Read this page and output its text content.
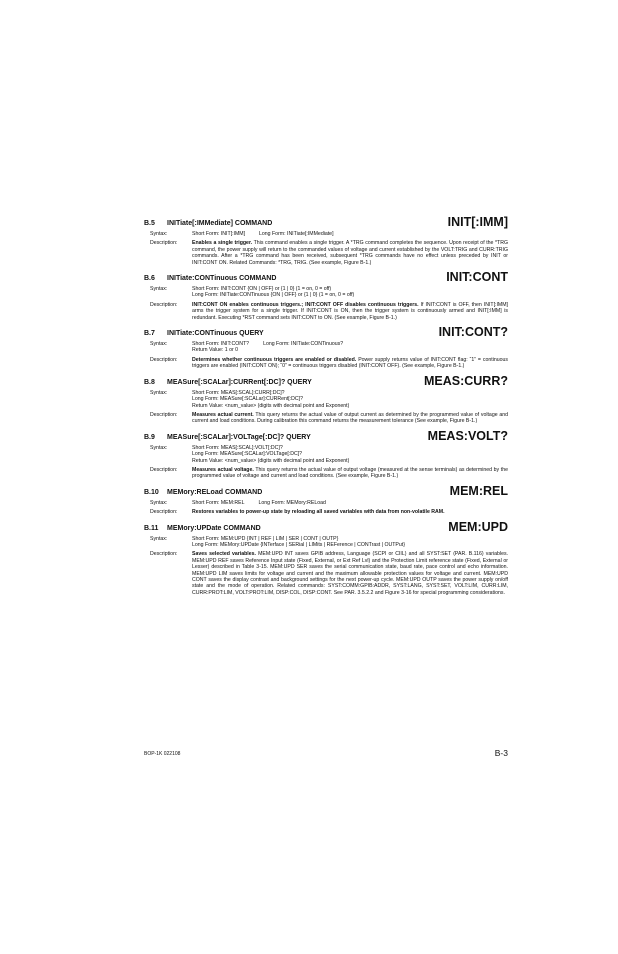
B.5 INITiate[:IMMediate] COMMAND	INIT[:IMM]
Syntax:	Short Form: INIT[:IMM]	Long Form: INITiate[:IMMediate]
Description:	Enables a single trigger. This command enables a single trigger. A *TRG command completes the sequence. Upon receipt of the *TRG command, the power supply will return to the commanded values of voltage and current established by the VOLT:TRIG and CURR:TRIG commands. After a *TRG command has been received, subsequent *TRG commands have no effect unless preceded by INIT or INIT:CONT ON. Related Commands: *TRG, TRIG. (See example, Figure B-1.)
B.6 INITiate:CONTinuous COMMAND	INIT:CONT
Syntax:	Short Form: INIT:CONT {ON | OFF} or {1 | 0} (1 = on, 0 = off)
Long Form: INITiate:CONTinuous {ON | OFF} or {1 | 0} (1 = on, 0 = off)
Description:	INIT:CONT ON enables continuous triggers.; INIT:CONT OFF disables continuous triggers. If INIT:CONT is OFF, then INIT[:IMM] arms the trigger system for a single trigger. If INIT:CONT is ON, then the trigger system is continuously armed and INIT[:IMM] is redundant. Executing *RST command sets INIT:CONT to ON. (See example, Figure B-1.)
B.7 INITiate:CONTinuous QUERY	INIT:CONT?
Syntax:	Short Form: INIT:CONT?	Long Form: INITiate:CONTinuous?
Return Value: 1 or 0
Description:	Determines whether continuous triggers are enabled or disabled. Power supply returns value of INIT:CONT flag: “1” = continuous triggers are enabled (INIT:CONT ON); “0” = continuous triggers disabled (INIT:CONT OFF). (See example, Figure B-1.)
B.8 MEASure[:SCALar]:CURRent[:DC]? QUERY	MEAS:CURR?
Syntax:	Short Form: MEAS[:SCAL]:CURR[:DC]?
Long Form: MEASure[:SCALar]:CURRent[:DC]?
Return Value: <num_value> (digits with decimal point and Exponent)
Description:	Measures actual current. This query returns the actual value of output current as determined by the programmed value of voltage and current and load conditions. During calibration this command returns the measurement tolerance (See example, Figure B-1.)
B.9 MEASure[:SCALar]:VOLTage[:DC]? QUERY	MEAS:VOLT?
Syntax:	Short Form: MEAS[:SCAL]:VOLT[:DC]?
Long Form: MEASure[:SCALar]:VOLTage[:DC]?
Return Value: <num_value> (digits with decimal point and Exponent)
Description:	Measures actual voltage. This query returns the actual value of output voltage (measured at the sense terminals) as determined by the programmed value of voltage and current and load conditions. (See example, Figure B-1.)
B.10 MEMory:RELoad COMMAND	MEM:REL
Syntax:	Short Form: MEM:REL	Long Form: MEMory:RELoad
Description:	Restores variables to power-up state by reloading all saved variables with data from non-volatile RAM.
B.11 MEMory:UPDate COMMAND	MEM:UPD
Syntax:	Short Form: MEM:UPD {INT | REF | LIM | SER | CONT | OUTP}
Long Form: MEMory:UPDate {INTerface | SERial | LIMits | REFerence | CONTrast | OUTPut}
Description:	Saves selected variables. MEM:UPD INT saves GPIB address, Language (SCPI or CIIL) and all SYST:SET (PAR. B.116) variables. MEM:UPD REF saves Reference Input state (Fixed, External, or Ext Ref Lvl) and the Protection Limit reference state (Fixed, External or Lesser) described in Table 3-15. MEM:UPD SER saves the serial communication state, baud rate, pace control and echo information. MEM:UPD LIM saves limits for voltage and current and the maximum allowable protection values for voltage and current. MEM:UPD CONT saves the display contrast and background settings for the next power-up cycle. MEM:UPD OUTP saves the power supply on/off state and the mode of operation. Related commands: SYST:COMM:GPIB:ADDR, SYST:LANG, SYST:SET, VOLT:LIM, CURR:LIM, CURR:PROT:LIM, VOLT:PROT:LIM, DISP:COL, DISP:CONT. See PAR. 3.5.2.2 and Figure 3-16 for special programming considerations.
BOP-1K 022108	B-3
